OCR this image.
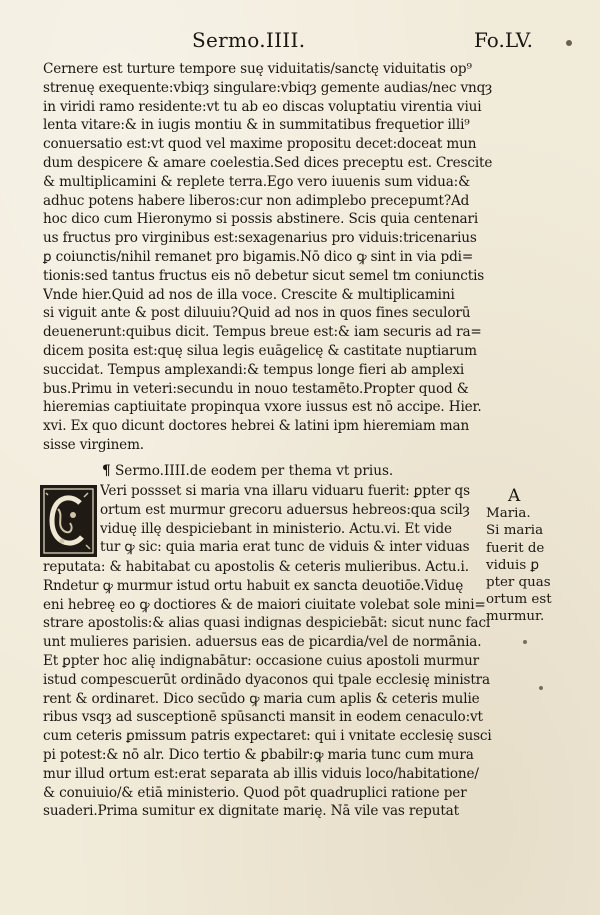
Sermo.IIII.	Fo.LV.
Cernere est turture tempore suę viduitatis/sanctę viduitatis op⁹
strenuę exequente:vbiqȝ singulare:vbiqȝ gemente audias/nec vnqȝ
in viridi ramo residente:vt tu ab eo discas voluptatiu virentia viui
lenta vitare:& in iugis montiu & in summitatibus frequetior illi⁹
conuersatio est:vt quod vel maxime propositu decet:doceat mun
dum despicere & amare coelestia.Sed dices preceptu est. Crescite
& multiplicamini & replete terra.Ego vero iuuenis sum vidua:&
adhuc potens habere liberos:cur non adimplebo precepumt?Ad
hoc dico cum Hieronymo si possis abstinere. Scis quia centenari
us fructus pro virginibus est:sexagenarius pro viduis:tricenarius
ꝑ coiunctis/nihil remanet pro bigamis.Nō dico ꝙ sint in via pdi=
tionis:sed tantus fructus eis nō debetur sicut semel tm coniunctis
Vnde hier.Quid ad nos de illa voce. Crescite & multiplicamini
si viguit ante & post diluuiu?Quid ad nos in quos fines seculorū
deuenerunt:quibus dicit. Tempus breue est:& iam securis ad ra=
dicem posita est:quę silua legis euāgelicę & castitate nuptiarum
succidat. Tempus amplexandi:& tempus longe fieri ab amplexi
bus.Primu in veteri:secundu in nouo testamēto.Propter quod &
hieremias captiuitate propinqua vxore iussus est nō accipe. Hier.
xvi. Ex quo dicunt doctores hebrei & latini ipm hieremiam man
sisse virginem.
¶ Sermo.IIII.de eodem per thema vt prius.
Veri possset si maria vna illaru viduaru fuerit: ꝑpter qs
ortum est murmur grecoru aduersus hebreos:qua scilȝ
viduę illę despiciebant in ministerio. Actu.vi. Et vide
tur ꝙ sic: quia maria erat tunc de viduis & inter viduas
reputata: & habitabat cu apostolis & ceteris mulieribus. Actu.i.
Rndetur ꝙ murmur istud ortu habuit ex sancta deuotiōe.Viduę
eni hebreę eo ꝙ doctiores & de maiori ciuitate volebat sole mini=
strare apostolis:& alias quasi indignas despiciebāt: sicut nunc faci
unt mulieres parisien. aduersus eas de picardia/vel de normānia.
Et ꝑpter hoc alię indignabātur: occasione cuius apostoli murmur
istud compescuerūt ordinādo dyaconos qui tpale ecclesię ministra
rent & ordinaret. Dico secūdo ꝙ maria cum aplis & ceteris mulie
ribus vsqȝ ad susceptionē spūsancti mansit in eodem cenaculo:vt
cum ceteris ꝑmissum patris expectaret: qui i vnitate ecclesię susci
pi potest:& nō alr. Dico tertio & ꝑbabilr:ꝙ maria tunc cum mura
mur illud ortum est:erat separata ab illis viduis loco/habitatione/
& conuiuio/& etiā ministerio. Quod pōt quadruplici ratione per
suaderi.Prima sumitur ex dignitate marię. Nā vile vas reputat
A
Maria.
Si maria
fuerit de
viduis ꝑ
pter quas
ortum est
murmur.
